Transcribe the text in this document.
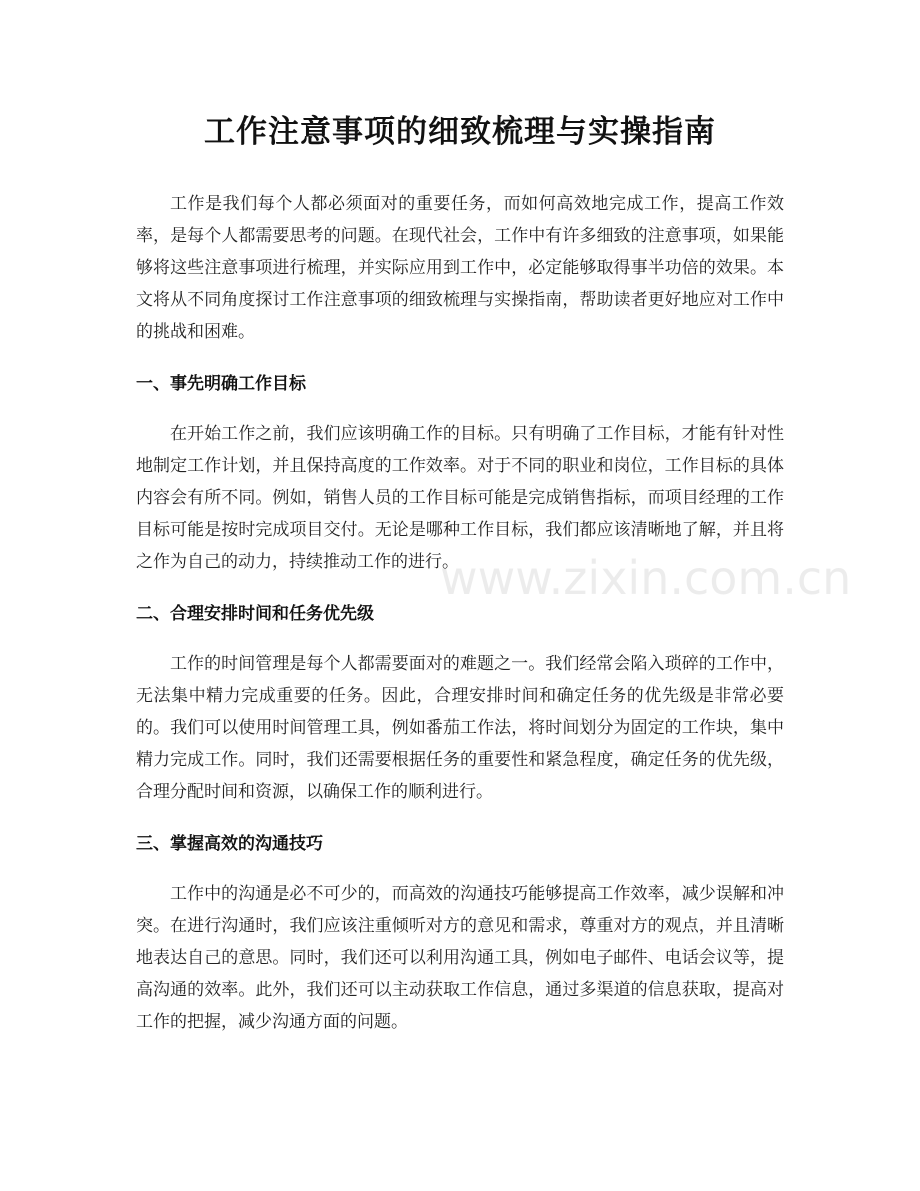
工作注意事项的细致梳理与实操指南

工作是我们每个人都必须面对的重要任务，而如何高效地完成工作，提高工作效率，是每个人都需要思考的问题。在现代社会，工作中有许多细致的注意事项，如果能够将这些注意事项进行梳理，并实际应用到工作中，必定能够取得事半功倍的效果。本文将从不同角度探讨工作注意事项的细致梳理与实操指南，帮助读者更好地应对工作中的挑战和困难。

一、事先明确工作目标

在开始工作之前，我们应该明确工作的目标。只有明确了工作目标，才能有针对性地制定工作计划，并且保持高度的工作效率。对于不同的职业和岗位，工作目标的具体内容会有所不同。例如，销售人员的工作目标可能是完成销售指标，而项目经理的工作目标可能是按时完成项目交付。无论是哪种工作目标，我们都应该清晰地了解，并且将之作为自己的动力，持续推动工作的进行。

二、合理安排时间和任务优先级

工作的时间管理是每个人都需要面对的难题之一。我们经常会陷入琐碎的工作中，无法集中精力完成重要的任务。因此，合理安排时间和确定任务的优先级是非常必要的。我们可以使用时间管理工具，例如番茄工作法，将时间划分为固定的工作块，集中精力完成工作。同时，我们还需要根据任务的重要性和紧急程度，确定任务的优先级，合理分配时间和资源，以确保工作的顺利进行。

三、掌握高效的沟通技巧

工作中的沟通是必不可少的，而高效的沟通技巧能够提高工作效率，减少误解和冲突。在进行沟通时，我们应该注重倾听对方的意见和需求，尊重对方的观点，并且清晰地表达自己的意思。同时，我们还可以利用沟通工具，例如电子邮件、电话会议等，提高沟通的效率。此外，我们还可以主动获取工作信息，通过多渠道的信息获取，提高对工作的把握，减少沟通方面的问题。

www.zixin.com.cn
